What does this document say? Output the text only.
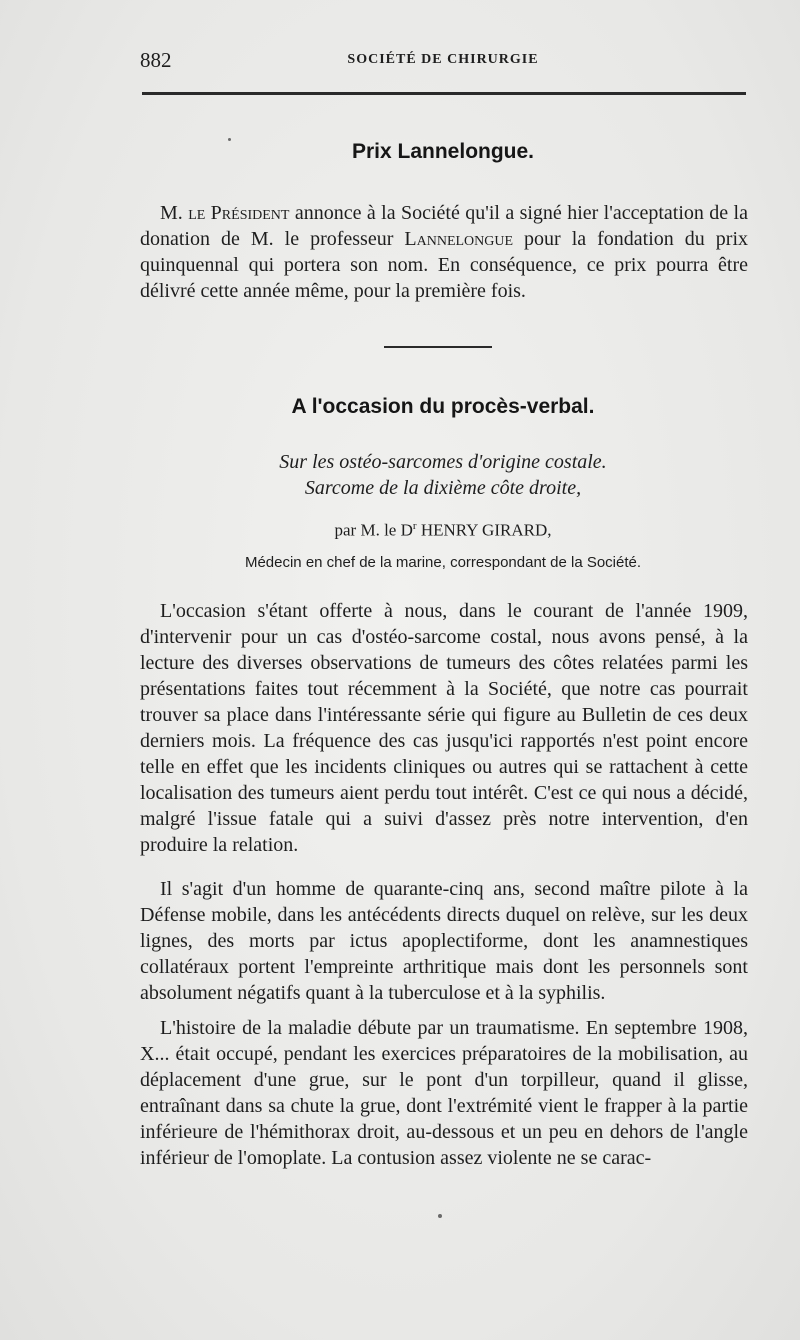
882	SOCIÉTÉ DE CHIRURGIE
Prix Lannelongue.

M. le Président annonce à la Société qu'il a signé hier l'acceptation de la donation de M. le professeur Lannelongue pour la fondation du prix quinquennal qui portera son nom. En conséquence, ce prix pourra être délivré cette année même, pour la première fois.

A l'occasion du procès-verbal.
Sur les ostéo-sarcomes d'origine costale.
Sarcome de la dixième côte droite,
par M. le $D^r$ HENRY GIRARD,
Médecin en chef de la marine, correspondant de la Société.

L'occasion s'étant offerte à nous, dans le courant de l'année 1909, d'intervenir pour un cas d'ostéo-sarcome costal, nous avons pensé, à la lecture des diverses observations de tumeurs des côtes relatées parmi les présentations faites tout récemment à la Société, que notre cas pourrait trouver sa place dans l'intéressante série qui figure au Bulletin de ces deux derniers mois. La fréquence des cas jusqu'ici rapportés n'est point encore telle en effet que les incidents cliniques ou autres qui se rattachent à cette localisation des tumeurs aient perdu tout intérêt. C'est ce qui nous a décidé, malgré l'issue fatale qui a suivi d'assez près notre intervention, d'en produire la relation.

Il s'agit d'un homme de quarante-cinq ans, second maître pilote à la Défense mobile, dans les antécédents directs duquel on relève, sur les deux lignes, des morts par ictus apoplectiforme, dont les anamnestiques collatéraux portent l'empreinte arthritique mais dont les personnels sont absolument négatifs quant à la tuberculose et à la syphilis.

L'histoire de la maladie débute par un traumatisme. En septembre 1908, X... était occupé, pendant les exercices préparatoires de la mobilisation, au déplacement d'une grue, sur le pont d'un torpilleur, quand il glisse, entraînant dans sa chute la grue, dont l'extrémité vient le frapper à la partie inférieure de l'hémithorax droit, au-dessous et un peu en dehors de l'angle inférieur de l'omoplate. La contusion assez violente ne se carac-
